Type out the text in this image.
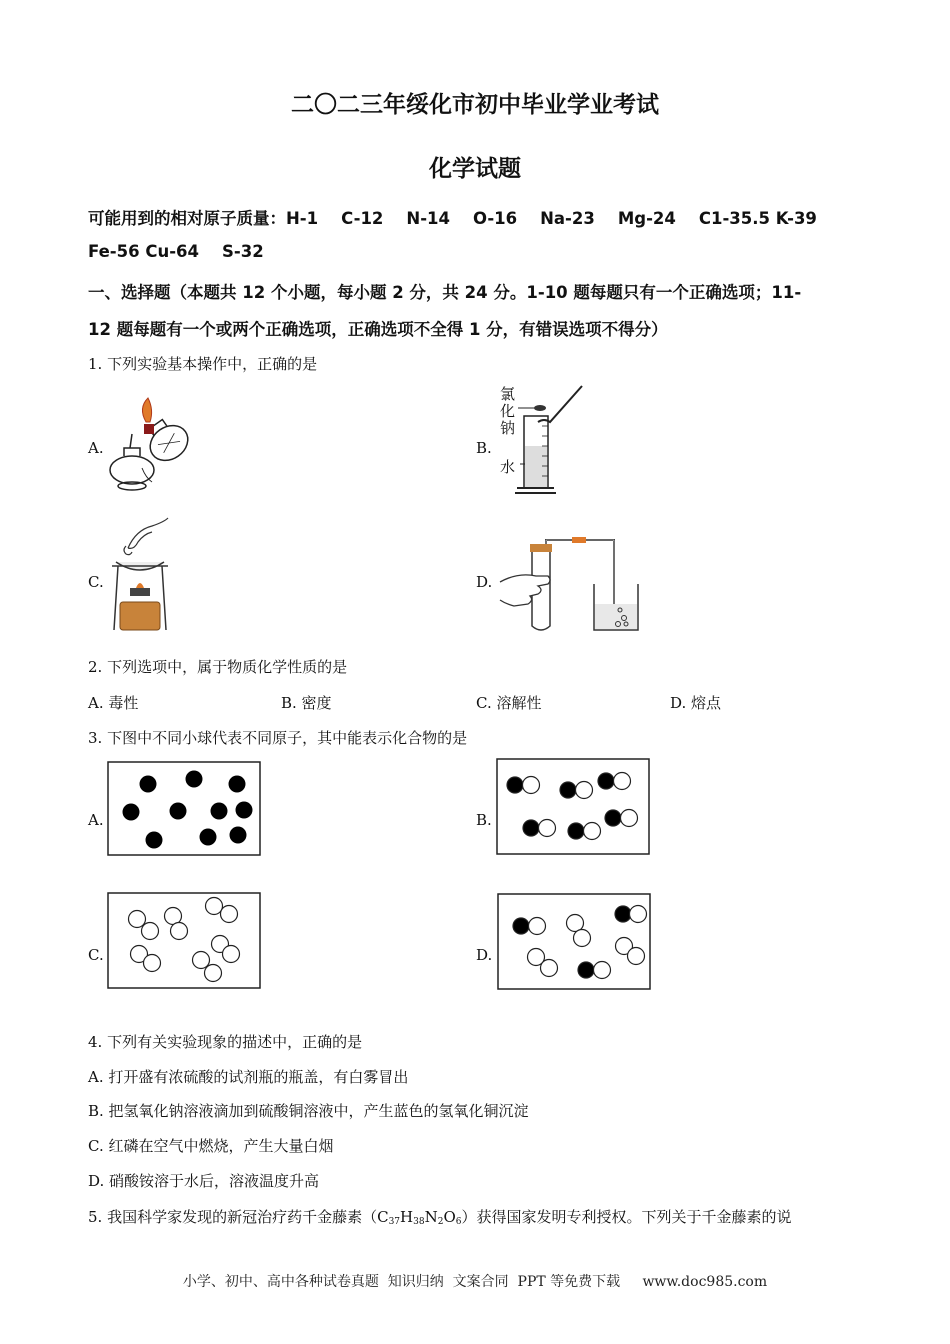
二〇二三年绥化市初中毕业学业考试
化学试题
可能用到的相对原子质量：H-1    C-12    N-14    O-16    Na-23    Mg-24    C1-35.5 K-39
Fe-56 Cu-64    S-32
一、选择题（本题共 12 个小题，每小题 2 分，共 24 分。1-10 题每题只有一个正确选项；11-
12 题每题有一个或两个正确选项，正确选项不全得 1 分，有错误选项不得分）
1. 下列实验基本操作中，正确的是
A.	B.
氯
化
钠
水
C.	D.
2. 下列选项中，属于物质化学性质的是
A. 毒性	B. 密度	C. 溶解性	D. 熔点
3. 下图中不同小球代表不同原子，其中能表示化合物的是
A.	B.
C.	D.
4. 下列有关实验现象的描述中，正确的是
A. 打开盛有浓硫酸的试剂瓶的瓶盖，有白雾冒出
B. 把氢氧化钠溶液滴加到硫酸铜溶液中，产生蓝色的氢氧化铜沉淀
C. 红磷在空气中燃烧，产生大量白烟
D. 硝酸铵溶于水后，溶液温度升高
5. 我国科学家发现的新冠治疗药千金藤素$(C_{37}H_{38}N_2O_6)$获得国家发明专利授权。下列关于千金藤素的说
小学、初中、高中各种试卷真题  知识归纳  文案合同  PPT 等免费下载     www.doc985.com
